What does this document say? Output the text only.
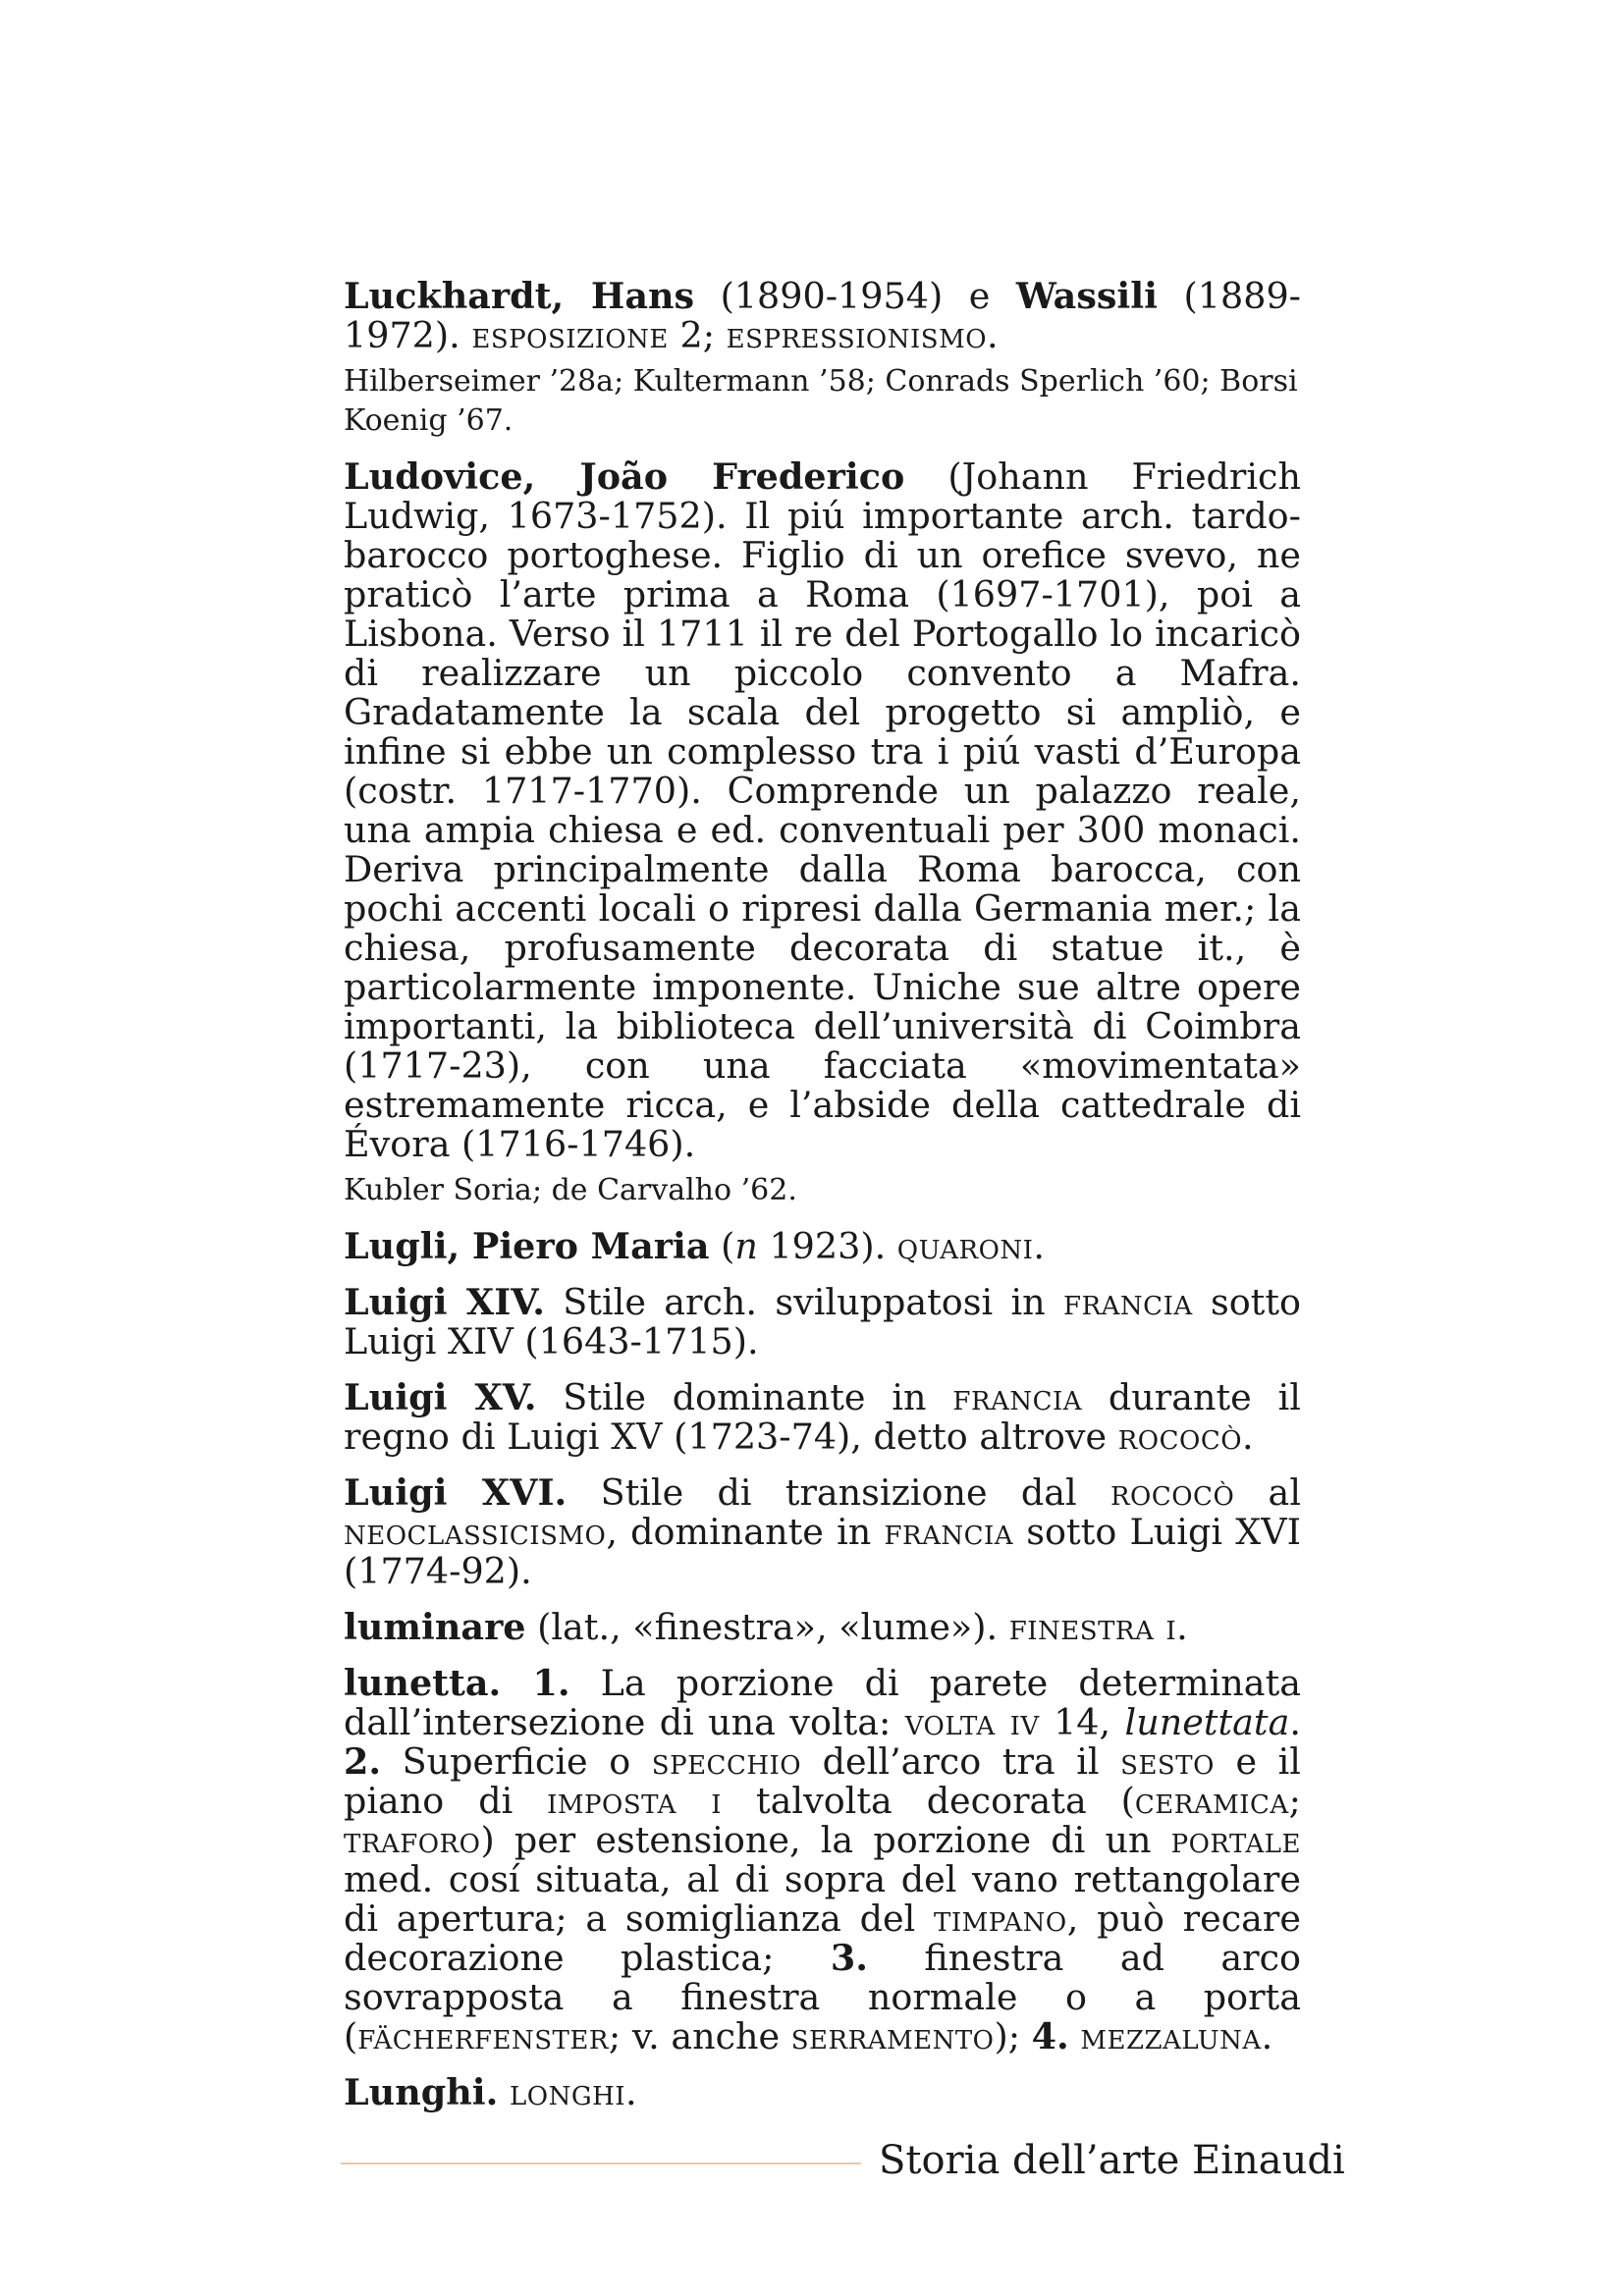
Luckhardt, Hans (1890-1954) e Wassili (1889-1972). esposizione 2; espressionismo.

Hilberseimer ’28a; Kultermann ’58; Conrads Sperlich ’60; Borsi Koenig ’67.

Ludovice, João Frederico (Johann Friedrich Ludwig, 1673-1752). Il piú importante arch. tardo-barocco portoghese. Figlio di un orefice svevo, ne praticò l’arte prima a Roma (1697-1701), poi a Lisbona. Verso il 1711 il re del Portogallo lo incaricò di realizzare un piccolo convento a Mafra. Gradatamente la scala del progetto si ampliò, e infine si ebbe un complesso tra i piú vasti d’Europa (costr. 1717-1770). Comprende un palazzo reale, una ampia chiesa e ed. conventuali per 300 monaci. Deriva principalmente dalla Roma barocca, con pochi accenti locali o ripresi dalla Germania mer.; la chiesa, profusamente decorata di statue it., è particolarmente imponente. Uniche sue altre opere importanti, la biblioteca dell’università di Coimbra (1717-23), con una facciata «movimentata» estremamente ricca, e l’abside della cattedrale di Évora (1716-1746).

Kubler Soria; de Carvalho ’62.

Lugli, Piero Maria (n 1923). quaroni.

Luigi XIV. Stile arch. sviluppatosi in francia sotto Luigi XIV (1643-1715).

Luigi XV. Stile dominante in francia durante il regno di Luigi XV (1723-74), detto altrove rococò.

Luigi XVI. Stile di transizione dal rococò al neoclassicismo, dominante in francia sotto Luigi XVI (1774-92).

luminare (lat., «finestra», «lume»). finestra i.

lunetta. 1. La porzione di parete determinata dall’intersezione di una volta: volta iv 14, lunettata. 2. Superficie o specchio dell’arco tra il sesto e il piano di imposta i talvolta decorata (ceramica; traforo) per estensione, la porzione di un portale med. cosí situata, al di sopra del vano rettangolare di apertura; a somiglianza del timpano, può recare decorazione plastica; 3. finestra ad arco sovrapposta a finestra normale o a porta (fächerfenster; v. anche serramento); 4. mezzaluna.

Lunghi. longhi.

Storia dell’arte Einaudi
